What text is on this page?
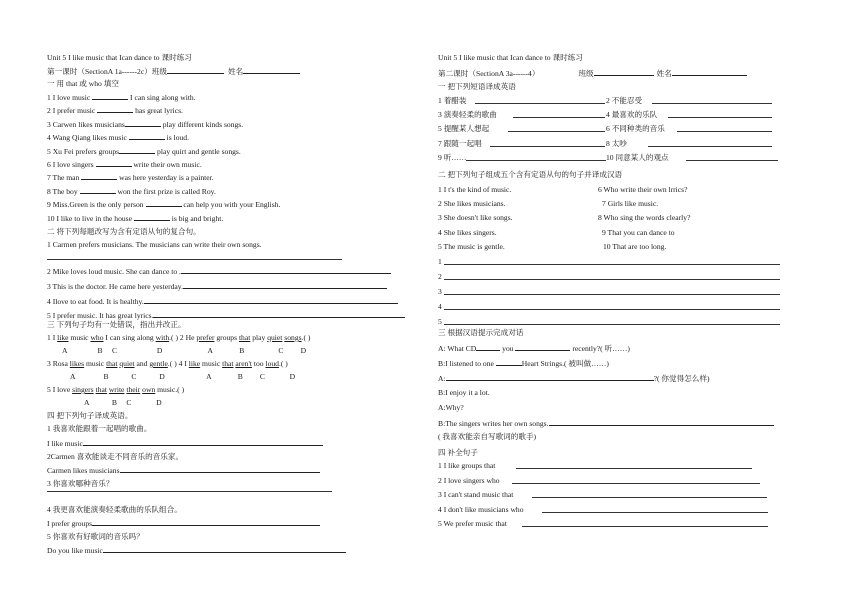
Unit 5 I like music that Ican dance to 课时练习
第一课时（SectionA 1a------2c）班级	姓名
一 用 that 或 who 填空
1 I love music	I can sing along with.
2 I prefer music	has great lyrics.
3 Carwen likes musicians	play different kinds songs.
4 Wang Qiang likes music	is loud.
5 Xu Fei prefers groups	play quirt and gentle songs.
6 I love singers	write their own music.
7 The man	was here yesterday is a painter.
8 The boy	won the first prize is called Roy.
9 Miss.Green is the only person	can help you with your English.
10 I like to live in the house	is big and bright.
二 将下列每题改写为含有定语从句的复合句。
1 Carmen prefers musicians. The musicians can write their own songs.
2 Mike loves loud music. She can dance to .
3 This is the doctor. He came here yesterday.
4 Ilove to eat food. It is healthy.
5 I prefer music. It has great lyrics.
三 下列句子均有一处错误，指出并改正。
1 I like music who I can sing along with.( ) 2 He prefer groups that play quiet songs.( )
A                B     C                     D                        A              B                  C         D
3 Rosa likes music that quiet and gentle.( ) 4 I like music that aren't too loud.( )
A               B            C            D                      A              B         C             D
5 I love singers that write their own music.( )
A            B     C             D
四 把下列句子译成英语。
1 我喜欢能跟着一起唱的歌曲。
I like music
2Carmen 喜欢能谈走不同音乐的音乐家。
Carmen likes musicians
3 你喜欢哪种音乐？
4 我更喜欢能演奏轻柔歌曲的乐队组合。
I prefer groups
5 你喜欢有好歌词的音乐吗？
Do you like music
Unit 5 I like music that Ican dance to 课时练习
第二课时（SectionA 3a------4）	班级	姓名
一 把下列短语译成英语
1 着醋装	2 不能忍受
3 演奏轻柔的歌曲	4 最喜欢的乐队
5 提醒某人想起	6 不同种类的音乐
7 跟随一起唱	8 太吵
9 听……	10 同意某人的观点
二 把下列句子组成五个含有定语从句的句子并译成汉语
1 I t's the kind of music.	6 Who write their own lrrics?
2 She likes musicians.	7 Girls like music.
3 She doesn't like songs.	8 Who sing the words clearly?
4 She likes singers.	9 That you can dance to
5 The music is gentle.	10 That are too long.
1
2
3
4
5
三 根据汉语提示完成对话
A: What CD	you	recently?( 听……)
B:I listened to one	Heart Strings.( 被叫做……)
A:	?( 你觉得怎么样)
B:I enjoy it a lot.
A:Why?
B:The singers writes her own songs.
( 我喜欢能亲自写歌词的歌手)
四 补全句子
1 I like groups that
2 I love singers who
3 I can't stand music that
4 I don't like musicians who
5 We prefer music that
